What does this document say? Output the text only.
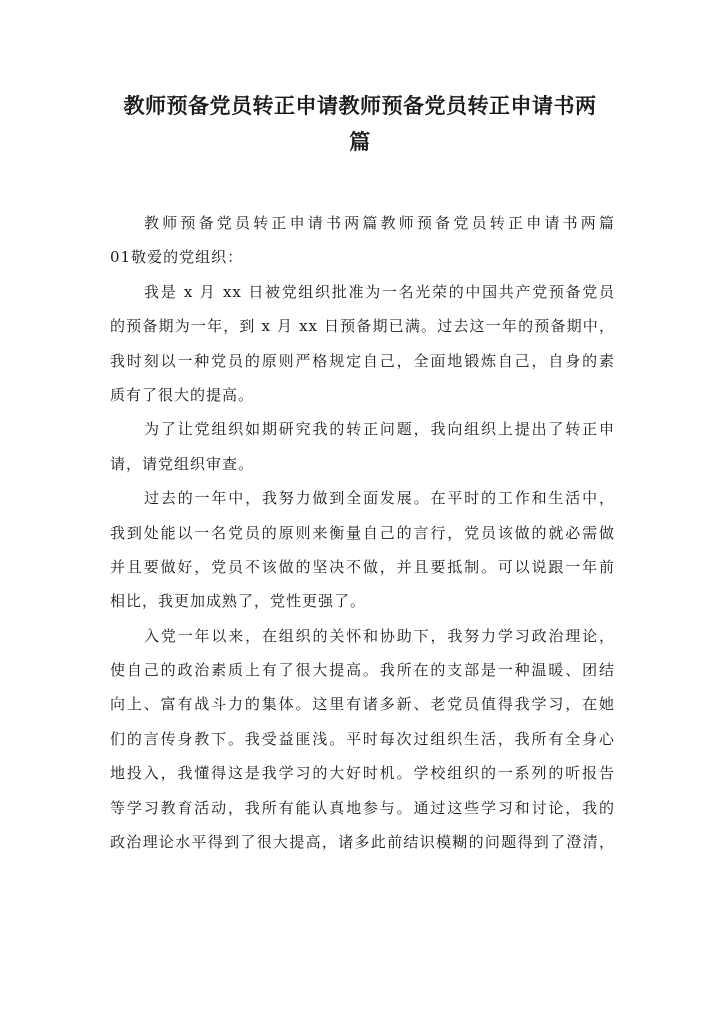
教师预备党员转正申请教师预备党员转正申请书两
篇
教师预备党员转正申请书两篇教师预备党员转正申请书两篇
01敬爱的党组织：
我是 x 月 xx 日被党组织批准为一名光荣的中国共产党预备党员
的预备期为一年，到 x 月 xx 日预备期已满。过去这一年的预备期中，
我时刻以一种党员的原则严格规定自己，全面地锻炼自己，自身的素
质有了很大的提高。
为了让党组织如期研究我的转正问题，我向组织上提出了转正申
请，请党组织审查。
过去的一年中，我努力做到全面发展。在平时的工作和生活中，
我到处能以一名党员的原则来衡量自己的言行，党员该做的就必需做
并且要做好，党员不该做的坚决不做，并且要抵制。可以说跟一年前
相比，我更加成熟了，党性更强了。
入党一年以来，在组织的关怀和协助下，我努力学习政治理论，
使自己的政治素质上有了很大提高。我所在的支部是一种温暖、团结
向上、富有战斗力的集体。这里有诸多新、老党员值得我学习，在她
们的言传身教下。我受益匪浅。平时每次过组织生活，我所有全身心
地投入，我懂得这是我学习的大好时机。学校组织的一系列的听报告
等学习教育活动，我所有能认真地参与。通过这些学习和讨论，我的
政治理论水平得到了很大提高，诸多此前结识模糊的问题得到了澄清，
